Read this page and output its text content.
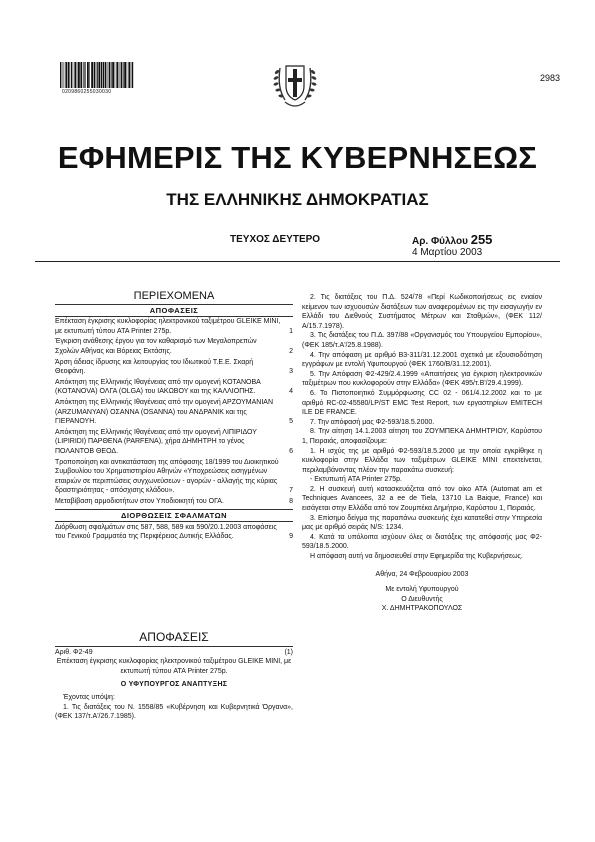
0209860255030030
2983
ΕΦΗΜΕΡΙΣ ΤΗΣ ΚΥΒΕΡΝΗΣΕΩΣ
ΤΗΣ ΕΛΛΗΝΙΚΗΣ ΔΗΜΟΚΡΑΤΙΑΣ
ΤΕΥΧΟΣ ΔΕΥΤΕΡΟ	Αρ. Φύλλου 255
4 Μαρτίου 2003
ΠΕΡΙΕΧΟΜΕΝΑ
ΑΠΟΦΑΣΕΙΣ
Επέκταση έγκρισης κυκλοφορίας ηλεκτρονικού ταξιμέτρου GLEIKE MINI, με εκτυπωτή τύπου ATA Printer 275p.	1
Έγκριση ανάθεσης έργου για τον καθαρισμό των Μεγαλοπρεπών Σχολών Αθήνας και Βόρειας Εκτάσης.	2
Άρση άδειας ίδρυσης και λειτουργίας του Ιδιωτικού Τ.Ε.Ε. Σκαρή Θεοφάνη.	3
Απόκτηση της Ελληνικής Ιθαγένειας από την ομογενή ΚΟΤΑΝΟΒΑ (KOTANOVA) ΟΛΓΑ (OLGA) του ΙΑΚΩΒΟΥ και της ΚΑΛΛΙΟΠΗΣ.	4
Απόκτηση της Ελληνικής Ιθαγένειας από την ομογενή ΑΡΖΟΥΜΑΝΙΑΝ (ARZUMANYAN) ΟΣΑΝΝΑ (OSANNA) του ΑΝΔΡΑΝΙΚ και της ΓΙΕΡΑΝΟΥΗ.	5
Απόκτηση της Ελληνικής Ιθαγένειας από την ομογενή ΛΙΠΙΡΙΔΟΥ (LIPIRIDI) ΠΑΡΘΕΝΑ (PARFENA), χήρα ΔΗΜΗΤΡΗ το γένος ΠΟΛΑΝΤΟΒ ΘΕΟΔ.	6
Τροποποίηση και αντικατάσταση της απόφασης 18/1999 του Διοικητικού Συμβουλίου του Χρηματιστηρίου Αθηνών «Υποχρεώσεις εισηγμένων εταιριών σε περιπτώσεις συγχωνεύσεων - αγορών - αλλαγής της κύριας δραστηριότητας - απόσχισης κλάδου».	7
Μεταβίβαση αρμοδιοτήτων στον Υποδιοικητή του ΟΓΑ.	8
ΔΙΟΡΘΩΣΕΙΣ ΣΦΑΛΜΑΤΩΝ
Διόρθωση σφαλμάτων στις 587, 588, 589 και 590/20.1.2003 αποφάσεις του Γενικού Γραμματέα της Περιφέρειας Δυτικής Ελλάδας.	9
ΑΠΟΦΑΣΕΙΣ
Αριθ. Φ2-49	(1)
Επέκταση έγκρισης κυκλοφορίας ηλεκτρονικού ταξιμέτρου GLEIKE MINI, με εκτυπωτή τύπου ATA Printer 275p.
Ο ΥΦΥΠΟΥΡΓΟΣ ΑΝΑΠΤΥΞΗΣ
Έχοντας υπόψη:
1. Τις διατάξεις του Ν. 1558/85 «Κυβέρνηση και Κυβερνητικά Όργανα», (ΦΕΚ 137/τ.Α'/26.7.1985).
2. Τις διατάξεις του Π.Δ. 524/78 «Περί Κωδικοποιήσεως εις ενιαίον κείμενον των ισχυουσών διατάξεων των αναφερομένων εις την εισαγωγήν εν Ελλάδι του Διεθνούς Συστήματος Μέτρων και Σταθμών», (ΦΕΚ 112/Α/15.7.1978).
3. Τις διατάξεις του Π.Δ. 397/88 «Οργανισμός του Υπουργείου Εμπορίου», (ΦΕΚ 185/τ.Α'/25.8.1988).
4. Την απόφαση με αριθμό Β3-311/31.12.2001 σχετικά με εξουσιοδότηση εγγράφων με εντολή Υφυπουργού (ΦΕΚ 1760/Β/31.12.2001).
5. Την Απόφαση Φ2-429/2.4.1999 «Απαιτήσεις για έγκριση ηλεκτρονικών ταξιμέτρων που κυκλοφορούν στην Ελλάδα» (ΦΕΚ 495/τ.Β'/29.4.1999).
6. Το Πιστοποιητικό Συμμόρφωσης CC 02 - 061/4.12.2002 και το με αριθμό RC-02-45580/LP/ST EMC Test Report, των εργαστηρίων EMITECH ILE DE FRANCE.
7. Την απόφασή μας Φ2-593/18.5.2000.
8. Την αίτηση 14.1.2003 αίτηση του ΖΟΥΜΠΕΚΑ ΔΗΜΗΤΡΙΟΥ, Καρύστου 1, Πειραιάς, αποφασίζουμε:
1. Η ισχύς της με αριθμό Φ2-593/18.5.2000 με την οποία εγκρίθηκε η κυκλοφορία στην Ελλάδα των ταξιμέτρων GLEIKE MINI επεκτείνεται, περιλαμβάνοντας πλέον την παρακάτω συσκευή:
- Εκτυπωτή ATA Printer 275p.
2. Η συσκευή αυτή κατασκευάζεται από τον οίκο ATA (Automat am et Techniques Avancees, 32 a ee de Tiela, 13710 La Baique, France) και εισάγεται στην Ελλάδα από τον Ζουμπέκα Δημήτριο, Καρύστου 1, Πειραιάς.
3. Επίσημο δείγμα της παραπάνω συσκευής έχει κατατεθεί στην Υπηρεσία μας με αριθμό σειράς Ν/S: 1234.
4. Κατά τα υπόλοιπα ισχύουν όλες οι διατάξεις της απόφασής μας Φ2-593/18.5.2000.
Η απόφαση αυτή να δημοσιευθεί στην Εφημερίδα της Κυβερνήσεως.
Αθήνα, 24 Φεβρουαρίου 2003
Με εντολή Υφυπουργού
Ο Διευθυντής
Χ. ΔΗΜΗΤΡΑΚΟΠΟΥΛΟΣ
